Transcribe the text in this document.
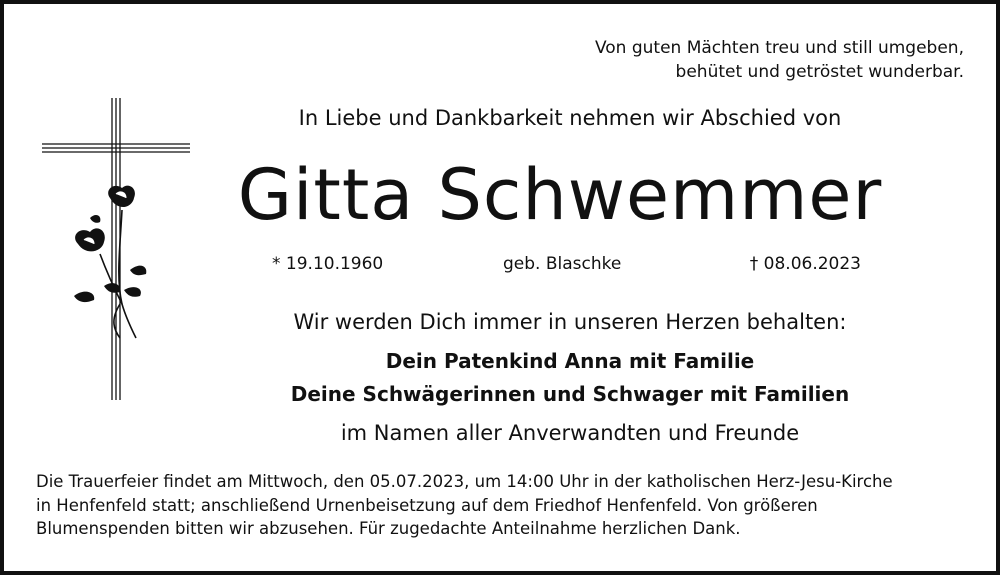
Von guten Mächten treu und still umgeben,
behütet und getröstet wunderbar.
In Liebe und Dankbarkeit nehmen wir Abschied von
Gitta Schwemmer
* 19.10.1960	geb. Blaschke	† 08.06.2023
Wir werden Dich immer in unseren Herzen behalten:
Dein Patenkind Anna mit Familie
Deine Schwägerinnen und Schwager mit Familien
im Namen aller Anverwandten und Freunde
Die Trauerfeier findet am Mittwoch, den 05.07.2023, um 14:00 Uhr in der katholischen Herz-Jesu-Kirche
in Henfenfeld statt; anschließend Urnenbeisetzung auf dem Friedhof Henfenfeld. Von größeren
Blumenspenden bitten wir abzusehen. Für zugedachte Anteilnahme herzlichen Dank.
